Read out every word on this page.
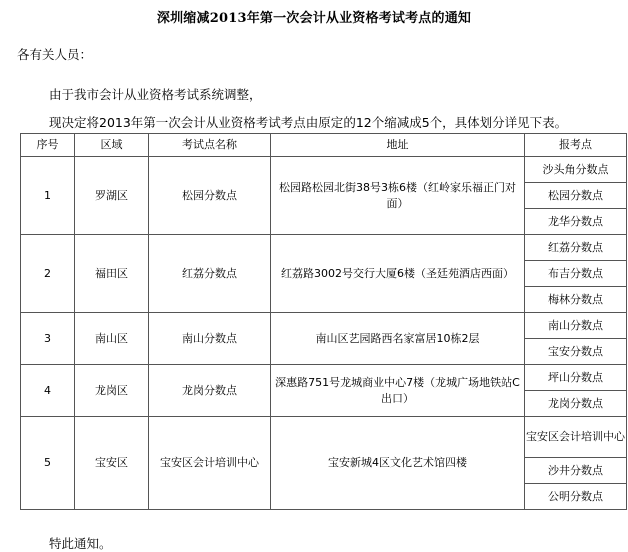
深圳缩减2013年第一次会计从业资格考试考点的通知
各有关人员：
由于我市会计从业资格考试系统调整，
现决定将2013年第一次会计从业资格考试考点由原定的12个缩减成5个，具体划分详见下表。
序号	区域	考试点名称	地址	报考点
1	罗湖区	松园分数点	松园路松园北街38号3栋6楼（红岭家乐福正门对面）	沙头角分数点
				松园分数点
				龙华分数点
2	福田区	红荔分数点	红荔路3002号交行大厦6楼（圣廷苑酒店西面）	红荔分数点
				布吉分数点
				梅林分数点
3	南山区	南山分数点	南山区艺园路西名家富居10栋2层	南山分数点
				宝安分数点
4	龙岗区	龙岗分数点	深惠路751号龙城商业中心7楼（龙城广场地铁站C出口）	坪山分数点
				龙岗分数点
5	宝安区	宝安区会计培训中心	宝安新城4区文化艺术馆四楼	宝安区会计培训中心
				沙井分数点
				公明分数点
特此通知。
